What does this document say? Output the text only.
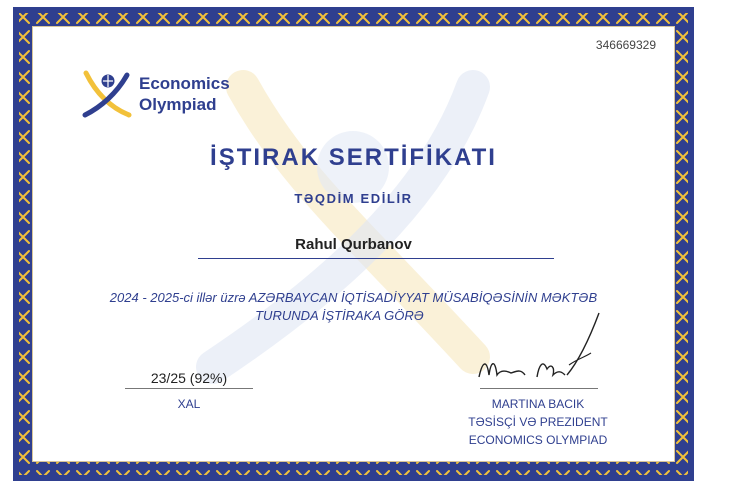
346669329
Economics
Olympiad
İŞTIRAK SERTİFİKATI
TƏQDİM EDİLİR
Rahul Qurbanov
2024 - 2025-ci illər üzrə AZƏRBAYCAN İQTİSADİYYAT MÜSABİQƏSİNİN MƏKTƏB
TURUNDA İŞTİRAKA GÖRƏ
23/25 (92%)
XAL	MARTINA BACIK
TƏSİSÇİ VƏ PREZIDENT
ECONOMICS OLYMPIAD
